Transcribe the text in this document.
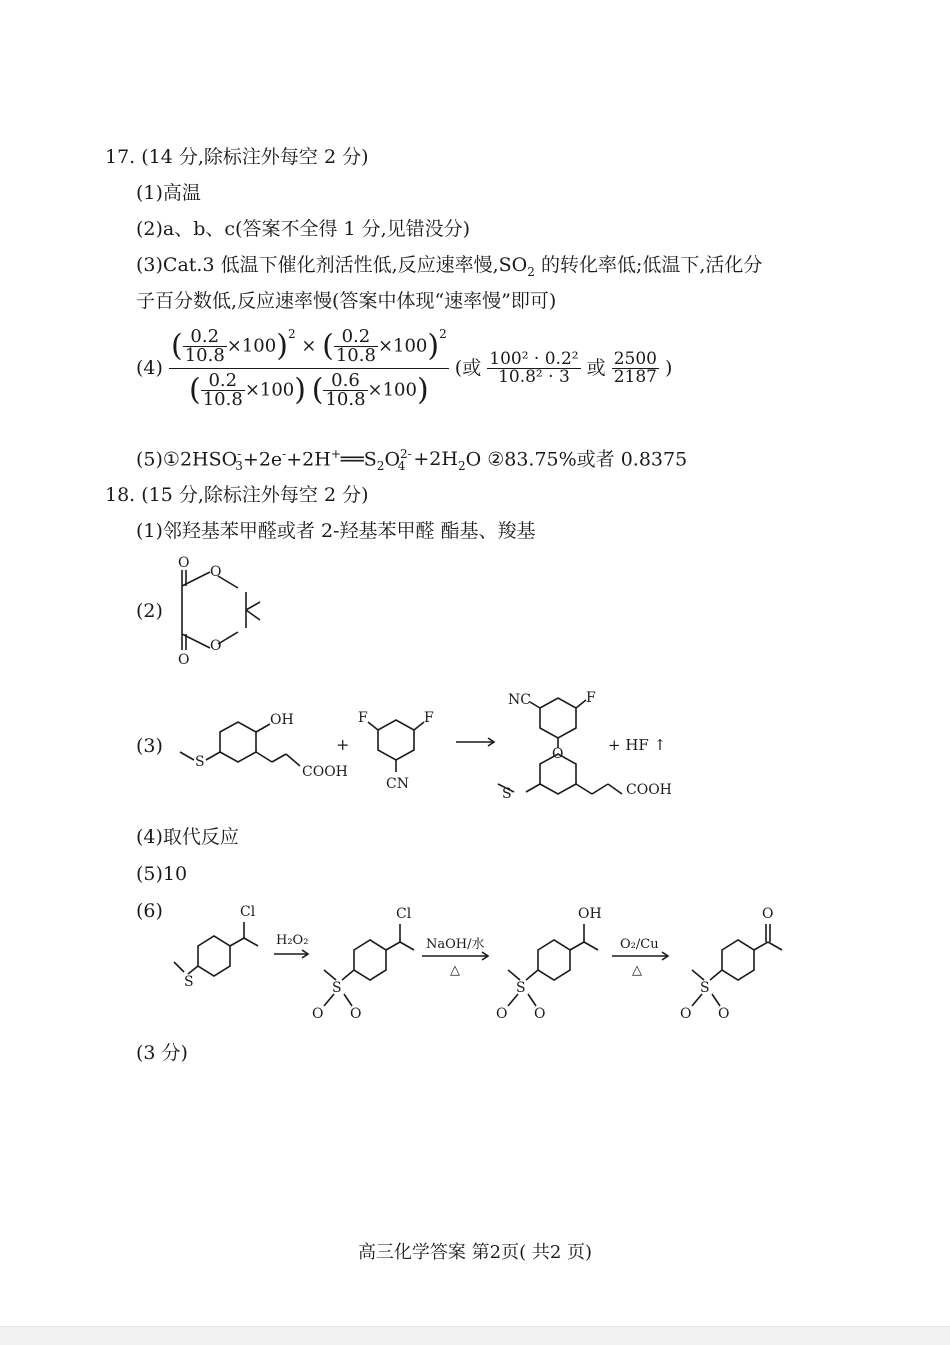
17. (14 分,除标注外每空 2 分)
(1)高温
(2)a、b、c(答案不全得 1 分,见错没分)
(3)Cat.3 低温下催化剂活性低,反应速率慢$,SO_2$ 的转化率低;低温下,活化分
子百分数低,反应速率慢(答案中体现“速率慢”即可)
$(4) \frac{( \frac{0.2}{10.8} \times 100)^2 \times ( \frac{0.2}{10.8} \times 100)^2}{( \frac{0.2}{10.8} \times 100) ( \frac{0.6}{10.8} \times 100)}$ (或 $\frac{\text{100² · 0.2²}}{\text{10.8² · 3}}$ 或 $\frac{2500}{2187}$ )
$(5)①2HSO^-_3+2e^-+2H^+══S_2O^{2-}_4 +2H_2O$ ②83.75%或者 0.8375
18. (15 分,除标注外每空 2 分)
(1)邻羟基苯甲醛或者 2-羟基苯甲醛 酯基、羧基
(2)
O
O
O
O
(3)
OH
COOH
S
+
F	F
CN
NC	F
O
COOH
S
+ HF ↑
(4)取代反应
(5)10
(6)	Cl
S
H₂O₂
Cl
S
O O
NaOH/水
△
OH
S
O O
O₂/Cu
△
O
S
O O
(3 分)
高三化学答案 第2页( 共2 页)
